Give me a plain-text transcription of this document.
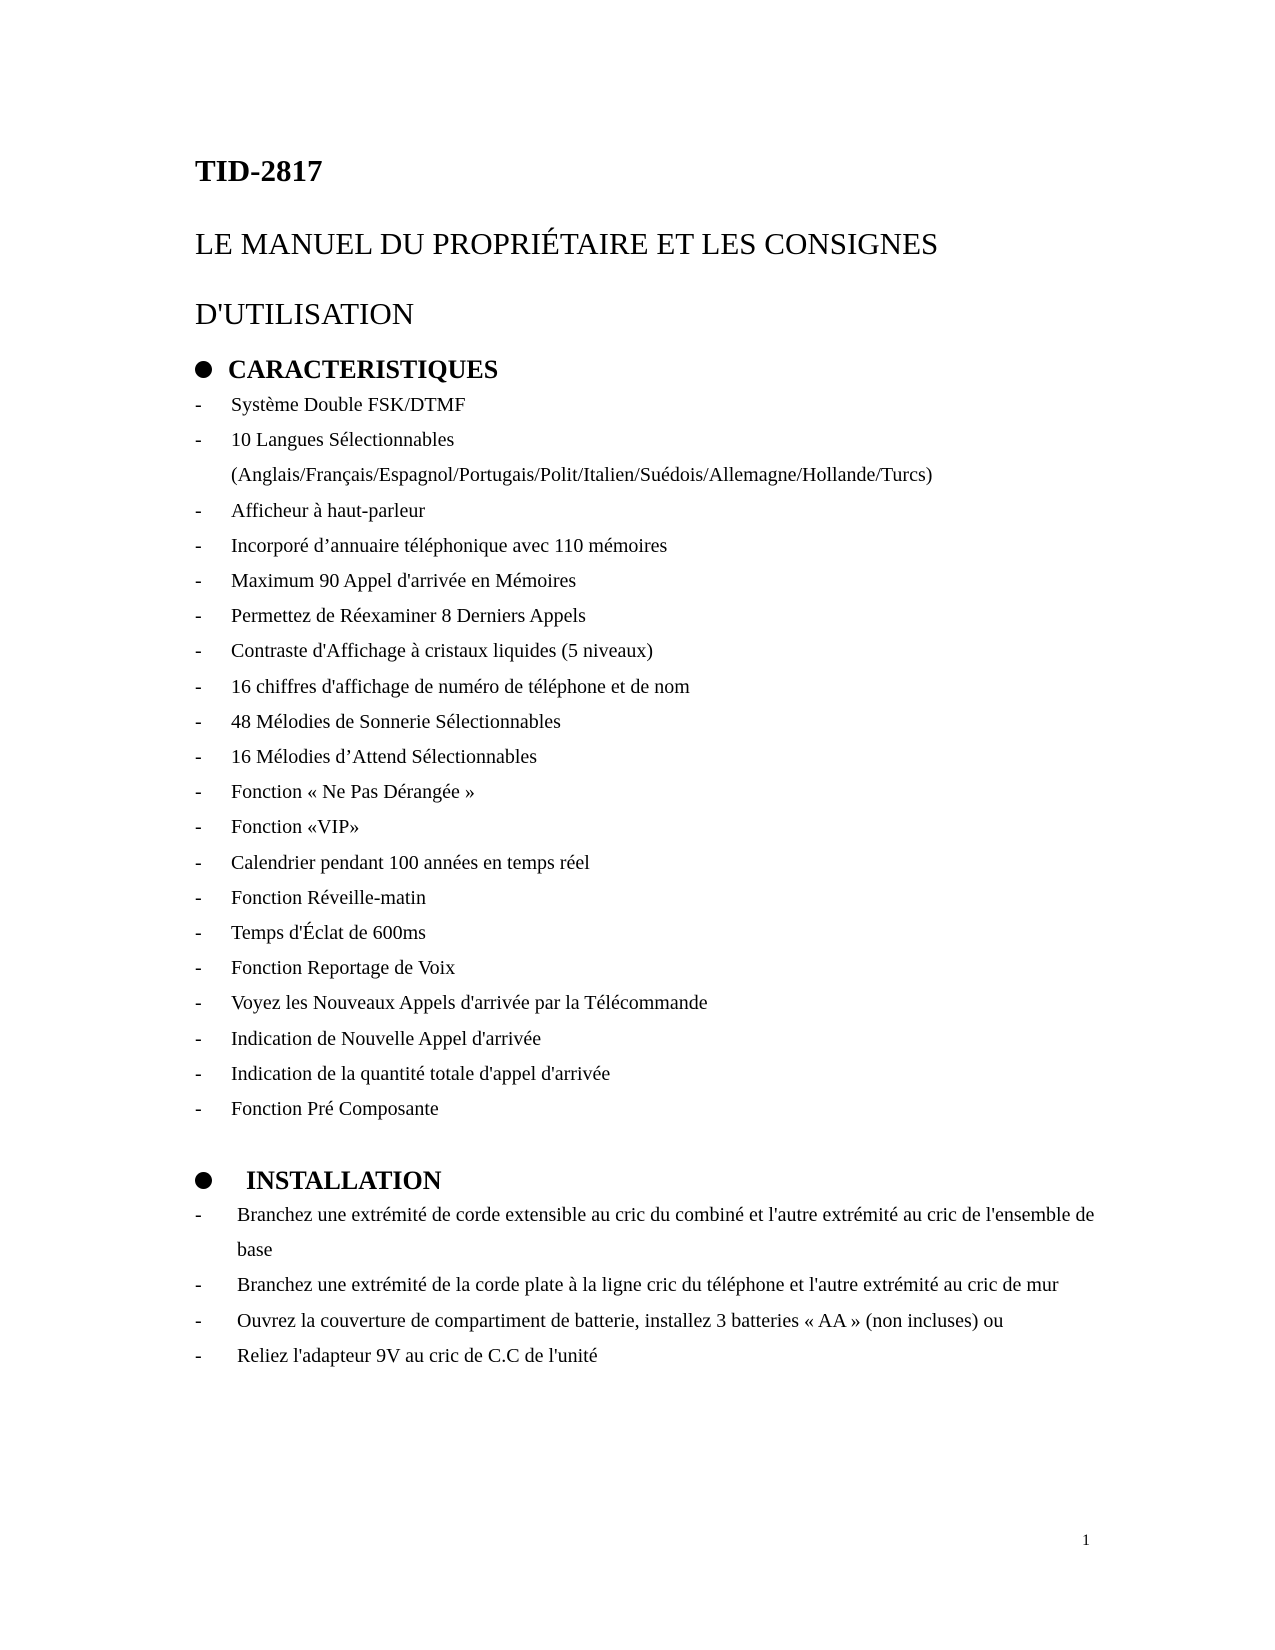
TID-2817
LE MANUEL DU PROPRIÉTAIRE ET LES CONSIGNES
D'UTILISATION
CARACTERISTIQUES
- Système Double FSK/DTMF
- 10 Langues Sélectionnables
(Anglais/Français/Espagnol/Portugais/Polit/Italien/Suédois/Allemagne/Hollande/Turcs)
- Afficheur à haut-parleur
- Incorporé d’annuaire téléphonique avec 110 mémoires
- Maximum 90 Appel d'arrivée en Mémoires
- Permettez de Réexaminer 8 Derniers Appels
- Contraste d'Affichage à cristaux liquides (5 niveaux)
- 16 chiffres d'affichage de numéro de téléphone et de nom
- 48 Mélodies de Sonnerie Sélectionnables
- 16 Mélodies d’Attend Sélectionnables
- Fonction « Ne Pas Dérangée »
- Fonction «VIP»
- Calendrier pendant 100 années en temps réel
- Fonction Réveille-matin
- Temps d'Éclat de 600ms
- Fonction Reportage de Voix
- Voyez les Nouveaux Appels d'arrivée par la Télécommande
- Indication de Nouvelle Appel d'arrivée
- Indication de la quantité totale d'appel d'arrivée
- Fonction Pré Composante
INSTALLATION
- Branchez une extrémité de corde extensible au cric du combiné et l'autre extrémité au cric de l'ensemble de base
- Branchez une extrémité de la corde plate à la ligne cric du téléphone et l'autre extrémité au cric de mur
- Ouvrez la couverture de compartiment de batterie, installez 3 batteries « AA » (non incluses) ou
- Reliez l'adapteur 9V au cric de C.C de l'unité

1
